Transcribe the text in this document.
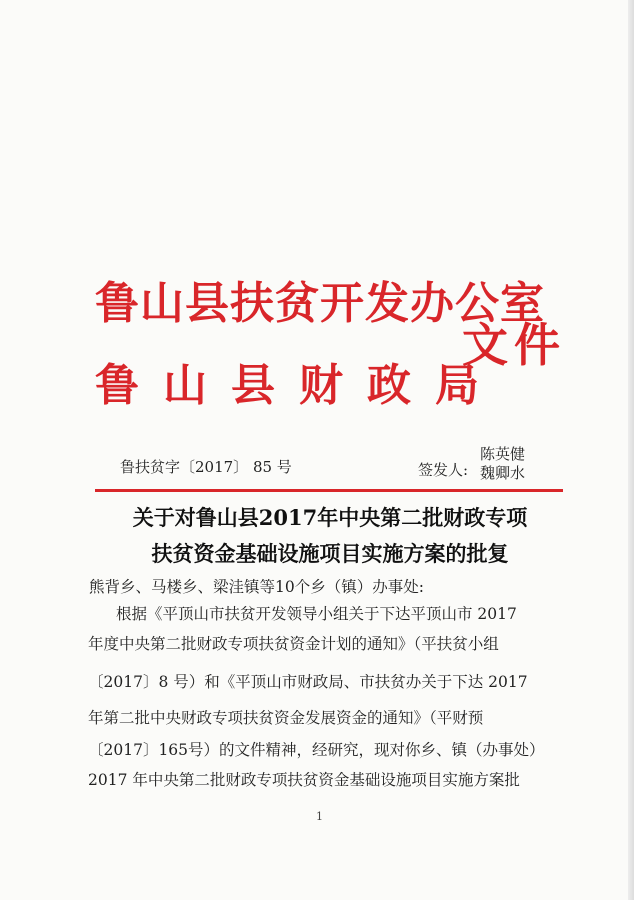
鲁山县扶贫开发办公室
鲁山县财政局
文件
鲁扶贫字〔2017〕 85 号	签发人:
陈英健
魏卿水
关于对鲁山县2017年中央第二批财政专项
扶贫资金基础设施项目实施方案的批复
熊背乡、马楼乡、梁洼镇等10个乡（镇）办事处:
根据《平顶山市扶贫开发领导小组关于下达平顶山市 2017
年度中央第二批财政专项扶贫资金计划的通知》（平扶贫小组
〔2017〕8 号）和《平顶山市财政局、市扶贫办关于下达 2017
年第二批中央财政专项扶贫资金发展资金的通知》（平财预
〔2017〕165号）的文件精神，经研究，现对你乡、镇（办事处）
2017 年中央第二批财政专项扶贫资金基础设施项目实施方案批
1
